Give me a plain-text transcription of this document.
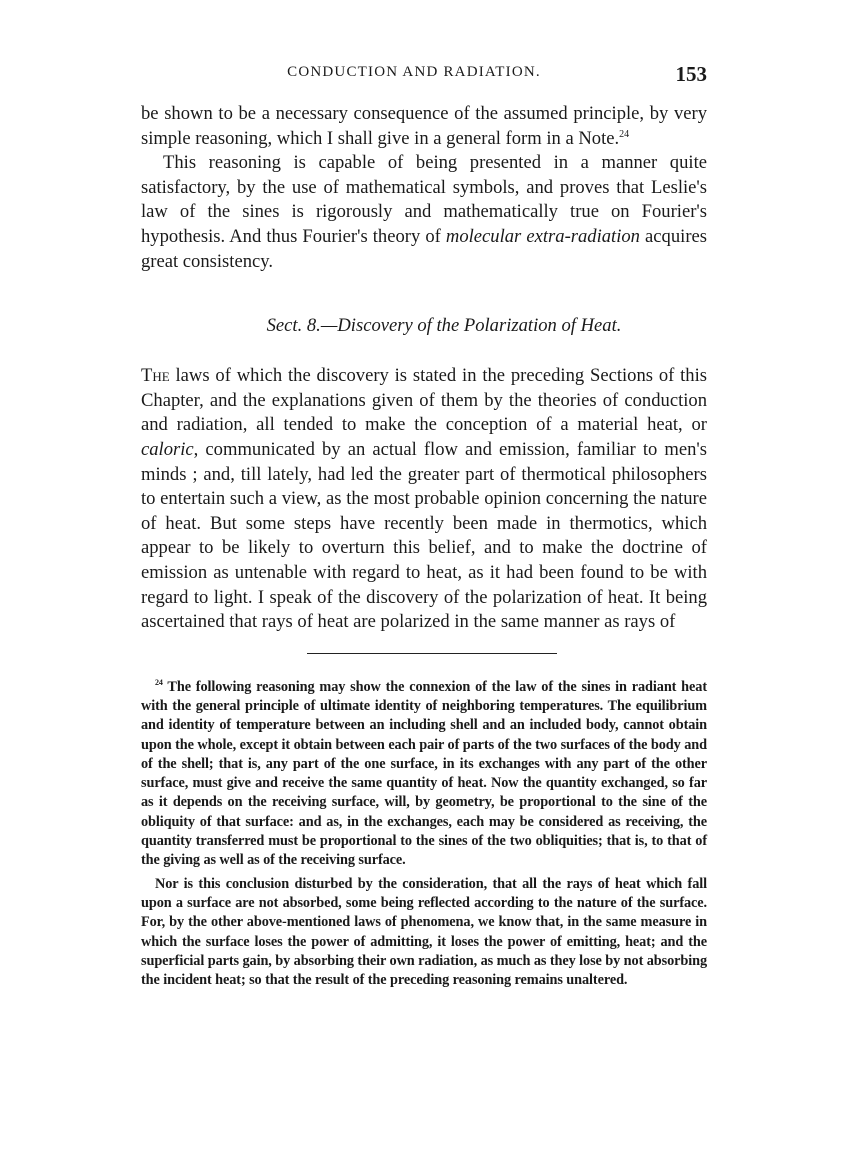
CONDUCTION AND RADIATION.	153

be shown to be a necessary consequence of the assumed principle, by very simple reasoning, which I shall give in a general form in a Note.$^{24}$

This reasoning is capable of being presented in a manner quite satisfactory, by the use of mathematical symbols, and proves that Leslie's law of the sines is rigorously and mathematically true on Fourier's hypothesis. And thus Fourier's theory of molecular extra-radiation acquires great consistency.

Sect. 8.—Discovery of the Polarization of Heat.

The laws of which the discovery is stated in the preceding Sections of this Chapter, and the explanations given of them by the theories of conduction and radiation, all tended to make the conception of a material heat, or caloric, communicated by an actual flow and emission, familiar to men's minds ; and, till lately, had led the greater part of thermotical philosophers to entertain such a view, as the most probable opinion concerning the nature of heat. But some steps have recently been made in thermotics, which appear to be likely to overturn this belief, and to make the doctrine of emission as untenable with regard to heat, as it had been found to be with regard to light. I speak of the discovery of the polarization of heat. It being ascertained that rays of heat are polarized in the same manner as rays of

$^{24}$ The following reasoning may show the connexion of the law of the sines in radiant heat with the general principle of ultimate identity of neighboring temperatures. The equilibrium and identity of temperature between an including shell and an included body, cannot obtain upon the whole, except it obtain between each pair of parts of the two surfaces of the body and of the shell; that is, any part of the one surface, in its exchanges with any part of the other surface, must give and receive the same quantity of heat. Now the quantity exchanged, so far as it depends on the receiving surface, will, by geometry, be proportional to the sine of the obliquity of that surface: and as, in the exchanges, each may be considered as receiving, the quantity transferred must be proportional to the sines of the two obliquities; that is, to that of the giving as well as of the receiving surface.

Nor is this conclusion disturbed by the consideration, that all the rays of heat which fall upon a surface are not absorbed, some being reflected according to the nature of the surface. For, by the other above-mentioned laws of phenomena, we know that, in the same measure in which the surface loses the power of admitting, it loses the power of emitting, heat; and the superficial parts gain, by absorbing their own radiation, as much as they lose by not absorbing the incident heat; so that the result of the preceding reasoning remains unaltered.
